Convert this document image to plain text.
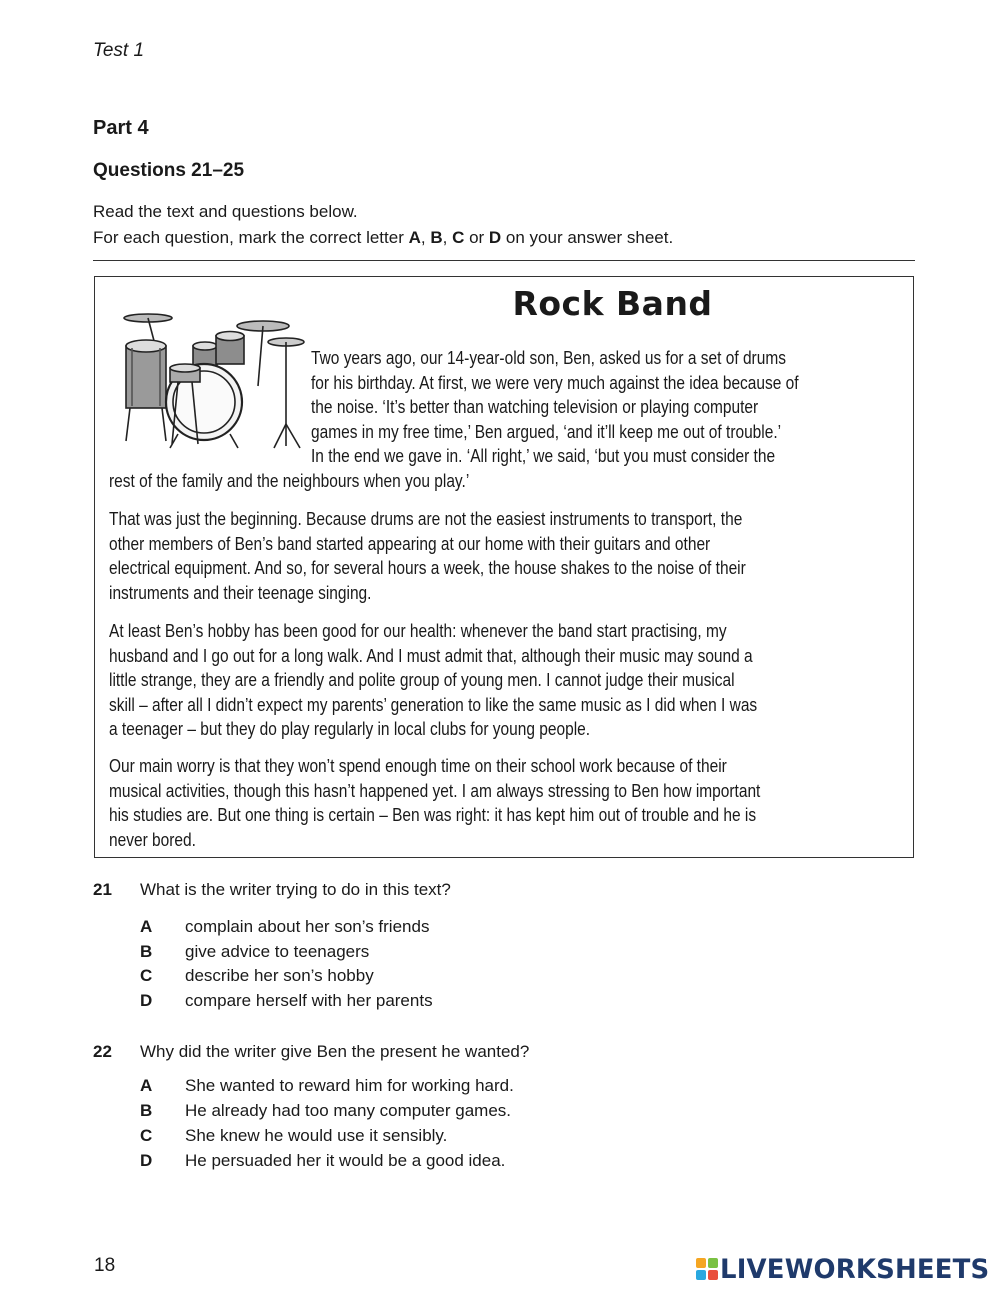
Test 1
Part 4
Questions 21–25
Read the text and questions below.
For each question, mark the correct letter A, B, C or D on your answer sheet.
Rock Band
Two years ago, our 14-year-old son, Ben, asked us for a set of drums
for his birthday. At first, we were very much against the idea because of
the noise. ‘It’s better than watching television or playing computer
games in my free time,’ Ben argued, ‘and it’ll keep me out of trouble.’
In the end we gave in. ‘All right,’ we said, ‘but you must consider the
rest of the family and the neighbours when you play.’
That was just the beginning. Because drums are not the easiest instruments to transport, the
other members of Ben’s band started appearing at our home with their guitars and other
electrical equipment. And so, for several hours a week, the house shakes to the noise of their
instruments and their teenage singing.
At least Ben’s hobby has been good for our health: whenever the band start practising, my
husband and I go out for a long walk. And I must admit that, although their music may sound a
little strange, they are a friendly and polite group of young men. I cannot judge their musical
skill – after all I didn’t expect my parents’ generation to like the same music as I did when I was
a teenager – but they do play regularly in local clubs for young people.
Our main worry is that they won’t spend enough time on their school work because of their
musical activities, though this hasn’t happened yet. I am always stressing to Ben how important
his studies are. But one thing is certain – Ben was right: it has kept him out of trouble and he is
never bored.
21 What is the writer trying to do in this text?
A complain about her son’s friends
B give advice to teenagers
C describe her son’s hobby
D compare herself with her parents
22 Why did the writer give Ben the present he wanted?
A She wanted to reward him for working hard.
B He already had too many computer games.
C She knew he would use it sensibly.
D He persuaded her it would be a good idea.
18	LIVEWORKSHEETS
